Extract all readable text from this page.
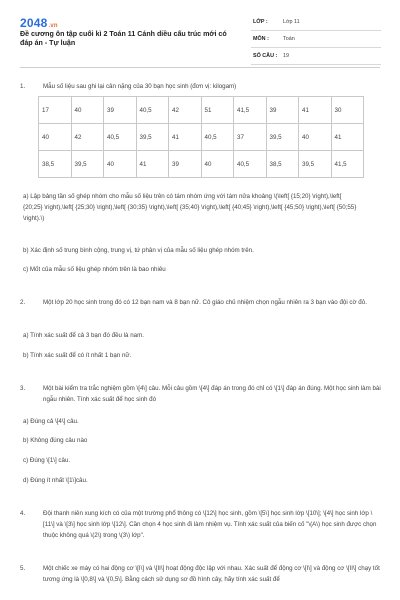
2048.vn
Đề cương ôn tập cuối kì 2 Toán 11 Cánh diều cấu trúc mới có đáp án - Tự luận
LỚP :	Lớp 11
MÔN :	Toán
SỐ CÂU : 19
1.	Mẫu số liệu sau ghi lại cân nặng của 30 bạn học sinh (đơn vị: kilogam)
17	40	39	40,5	42	51	41,5	39	41	30
40	42	40,5	39,5	41	40,5	37	39,5	40	41
38,5	39,5	40	41	39	40	40,5	38,5	39,5	41,5
a) Lập bảng tần số ghép nhóm cho mẫu số liệu trên có tám nhóm ứng với tám nửa khoảng \(\left[ {15;20} \right),\left[ {20;25} \right),\left[ {25;30} \right),\left[ {30;35} \right),\left[ {35;40} \right),\left[ {40;45} \right),\left[ {45;50} \right),\left[ {50;55} \right).\)
b) Xác định số trung bình cộng, trung vị, tứ phân vị của mẫu số liệu ghép nhóm trên.
c) Mốt của mẫu số liệu ghép nhóm trên là bao nhiêu
2.	Một lớp 20 học sinh trong đó có 12 bạn nam và 8 bạn nữ. Cô giáo chủ nhiệm chọn ngẫu nhiên ra 3 bạn vào đội cờ đỏ.
a) Tính xác suất để cả 3 bạn đó đều là nam.
b) Tính xác suất để có ít nhất 1 bạn nữ.
3.	Một bài kiểm tra trắc nghiệm gồm \[4\] câu. Mỗi câu gồm \[4\] đáp án trong đó chỉ có \[1\] đáp án đúng. Một học sinh làm bài ngẫu nhiên. Tính xác suất để học sinh đó
a) Đúng cả \[4\] câu.
b) Không đúng câu nào
c) Đúng \[1\] câu.
d) Đúng ít nhất \[1\]câu.
4.	Đội thanh niên xung kích có của một trường phổ thông có \[12\] học sinh, gồm \[5\] học sinh lớp \[10\]; \[4\] học sinh lớp \[11\] và \[3\] học sinh lớp \[12\]. Cần chọn 4 học sinh đi làm nhiệm vụ. Tính xác suất của biến cố "\(A\) học sinh được chọn thuộc không quá \(2\) trong \(3\) lớp".
5.	Một chiếc xe máy có hai động cơ \[I\] và \[II\] hoạt động độc lập với nhau. Xác suất để động cơ \[I\] và động cơ \[II\] chạy tốt tương ứng là \[0,8\] và \[0,5\]. Bằng cách sử dụng sơ đồ hình cây, hãy tính xác suất để
